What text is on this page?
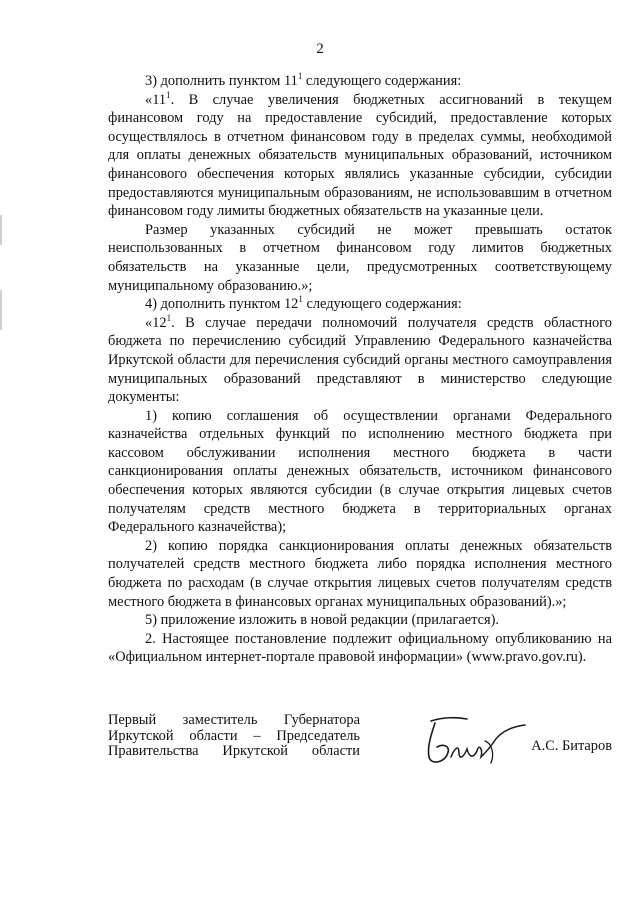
2

3) дополнить пунктом $11^1$ следующего содержания:

«$11^1$. В случае увеличения бюджетных ассигнований в текущем финансовом году на предоставление субсидий, предоставление которых осуществлялось в отчетном финансовом году в пределах суммы, необходимой для оплаты денежных обязательств муниципальных образований, источником финансового обеспечения которых являлись указанные субсидии, субсидии предоставляются муниципальным образованиям, не использовавшим в отчетном финансовом году лимиты бюджетных обязательств на указанные цели.

Размер указанных субсидий не может превышать остаток неиспользованных в отчетном финансовом году лимитов бюджетных обязательств на указанные цели, предусмотренных соответствующему муниципальному образованию.»;

4) дополнить пунктом $12^1$ следующего содержания:

«$12^1$. В случае передачи полномочий получателя средств областного бюджета по перечислению субсидий Управлению Федерального казначейства Иркутской области для перечисления субсидий органы местного самоуправления муниципальных образований представляют в министерство следующие документы:

1) копию соглашения об осуществлении органами Федерального казначейства отдельных функций по исполнению местного бюджета при кассовом обслуживании исполнения местного бюджета в части санкционирования оплаты денежных обязательств, источником финансового обеспечения которых являются субсидии (в случае открытия лицевых счетов получателям средств местного бюджета в территориальных органах Федерального казначейства);

2) копию порядка санкционирования оплаты денежных обязательств получателей средств местного бюджета либо порядка исполнения местного бюджета по расходам (в случае открытия лицевых счетов получателям средств местного бюджета в финансовых органах муниципальных образований).»;

5) приложение изложить в новой редакции (прилагается).

2. Настоящее постановление подлежит официальному опубликованию на «Официальном интернет-портале правовой информации» (www.pravo.gov.ru).

Первый заместитель Губернатора
Иркутской области – Председатель
Правительства Иркутской области	А.С. Битаров
